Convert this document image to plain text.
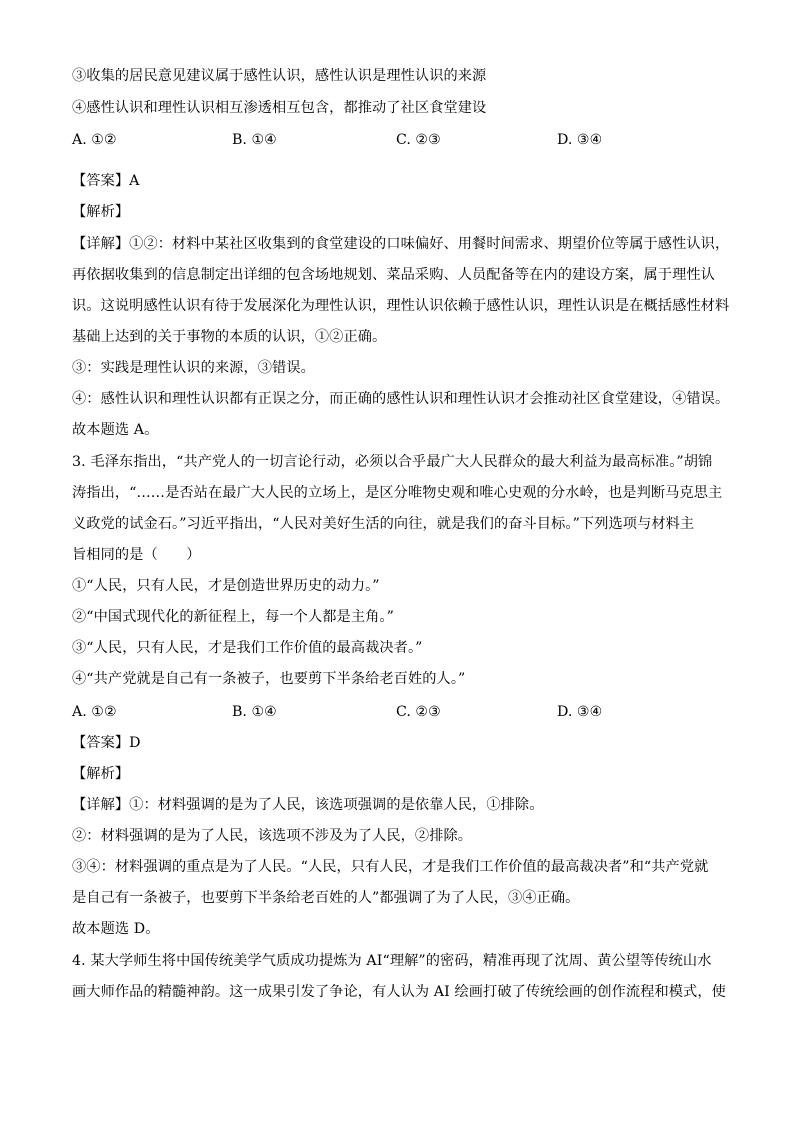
③收集的居民意见建议属于感性认识，感性认识是理性认识的来源
④感性认识和理性认识相互渗透相互包含，都推动了社区食堂建设
A. ①②	B. ①④	C. ②③	D. ③④
【答案】A
【解析】
【详解】①②：材料中某社区收集到的食堂建设的口味偏好、用餐时间需求、期望价位等属于感性认识，
再依据收集到的信息制定出详细的包含场地规划、菜品采购、人员配备等在内的建设方案，属于理性认
识。这说明感性认识有待于发展深化为理性认识，理性认识依赖于感性认识，理性认识是在概括感性材料
基础上达到的关于事物的本质的认识，①②正确。
③：实践是理性认识的来源，③错误。
④：感性认识和理性认识都有正误之分，而正确的感性认识和理性认识才会推动社区食堂建设，④错误。
故本题选 A。
3. 毛泽东指出，“共产党人的一切言论行动，必须以合乎最广大人民群众的最大利益为最高标准。”胡锦
涛指出，“……是否站在最广大人民的立场上，是区分唯物史观和唯心史观的分水岭，也是判断马克思主
义政党的试金石。”习近平指出，“人民对美好生活的向往，就是我们的奋斗目标。”下列选项与材料主
旨相同的是（　　）
①“人民，只有人民，才是创造世界历史的动力。”
②“中国式现代化的新征程上，每一个人都是主角。”
③“人民，只有人民，才是我们工作价值的最高裁决者。”
④“共产党就是自己有一条被子，也要剪下半条给老百姓的人。”
A. ①②	B. ①④	C. ②③	D. ③④
【答案】D
【解析】
【详解】①：材料强调的是为了人民，该选项强调的是依靠人民，①排除。
②：材料强调的是为了人民，该选项不涉及为了人民，②排除。
③④：材料强调的重点是为了人民。“人民，只有人民，才是我们工作价值的最高裁决者”和“共产党就
是自己有一条被子，也要剪下半条给老百姓的人”都强调了为了人民，③④正确。
故本题选 D。
4. 某大学师生将中国传统美学气质成功提炼为 AI“理解”的密码，精准再现了沈周、黄公望等传统山水
画大师作品的精髓神韵。这一成果引发了争论，有人认为 AI 绘画打破了传统绘画的创作流程和模式，使
